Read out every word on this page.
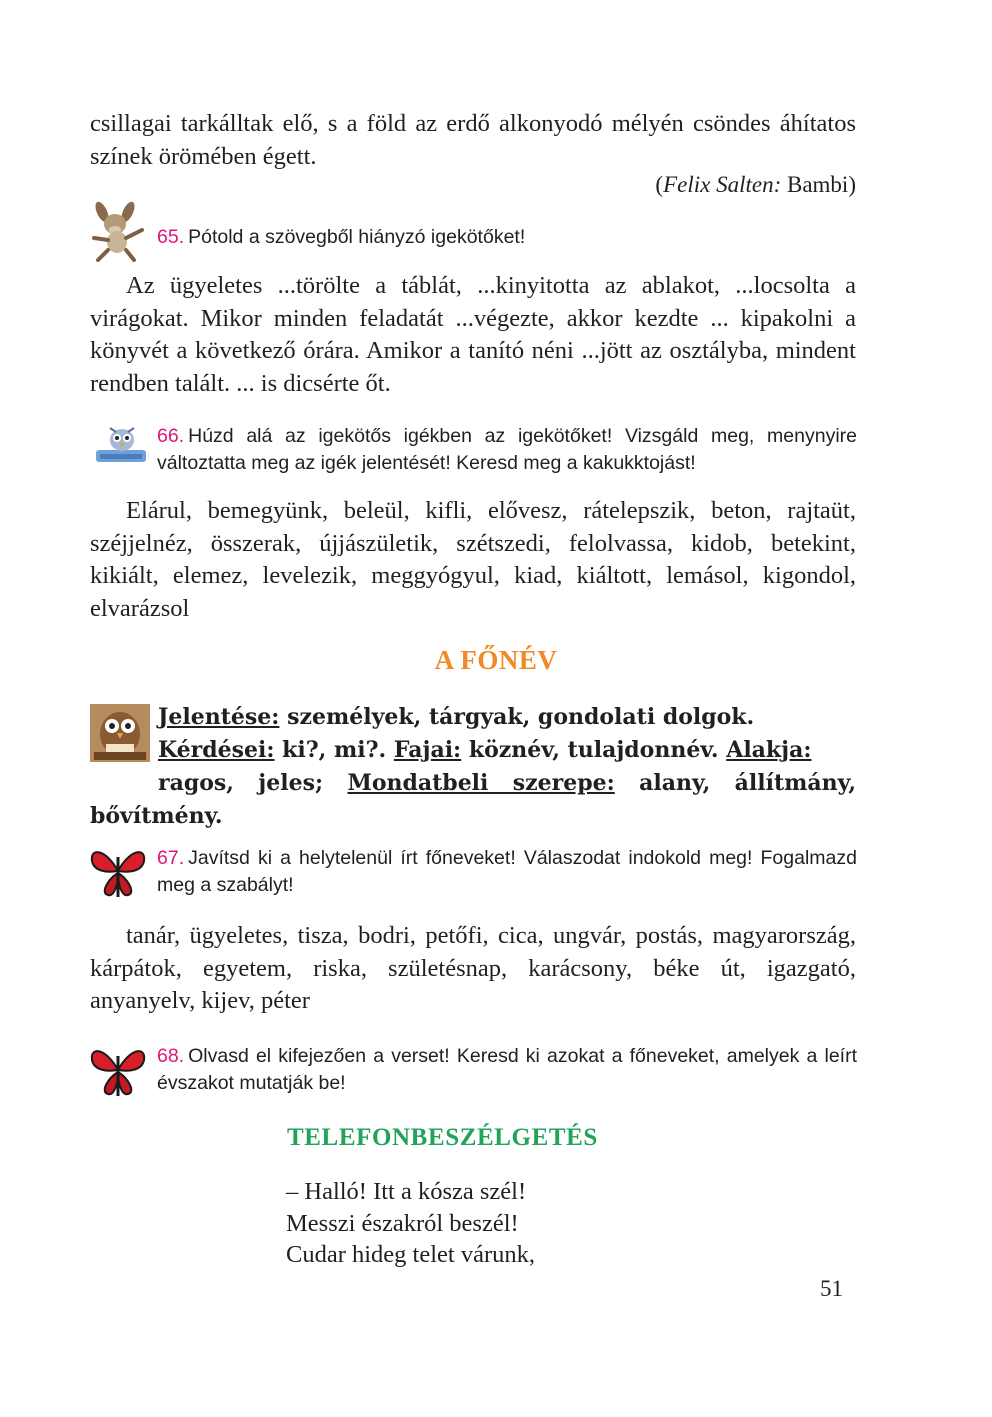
csillagai tarkálltak elő, s a föld az erdő alkonyodó mélyén csöndes áhítatos színek örömében égett.

(Felix Salten: Bambi)

65. Pótold a szövegből hiányzó igekötőket!

Az ügyeletes ...törölte a táblát, ...kinyitotta az ablakot, ...locsolta a virágokat. Mikor minden feladatát ...végezte, akkor kezdte ... kipakolni a könyvét a következő órára. Amikor a tanító néni ...jött az osztályba, mindent rendben talált. ... is dicsérte őt.

66. Húzd alá az igekötős igékben az igekötőket! Vizsgáld meg, menynyire változtatta meg az igék jelentését! Keresd meg a kakukktojást!

Elárul, bemegyünk, beleül, kifli, elővesz, rátelepszik, beton, rajtaüt, széjjelnéz, összerak, újjászületik, szétszedi, felolvassa, kidob, betekint, kikiált, elemez, levelezik, meggyógyul, kiad, kiáltott, lemásol, kigondol, elvarázsol

A FŐNÉV

Jelentése: személyek, tárgyak, gondolati dolgok.
Kérdései: ki?, mi?. Fajai: köznév, tulajdonnév. Alakja:
ragos, jeles; Mondatbeli szerepe: alany, állítmány, bővítmény.

67. Javítsd ki a helytelenül írt főneveket! Válaszodat indokold meg! Fogalmazd meg a szabályt!

tanár, ügyeletes, tisza, bodri, petőfi, cica, ungvár, postás, magyarország, kárpátok, egyetem, riska, születésnap, karácsony, béke út, igazgató, anyanyelv, kijev, péter

68. Olvasd el kifejezően a verset! Keresd ki azokat a főneveket, amelyek a leírt évszakot mutatják be!

TELEFONBESZÉLGETÉS
– Halló! Itt a kósza szél!
Messzi északról beszél!
Cudar hideg telet várunk,
51
